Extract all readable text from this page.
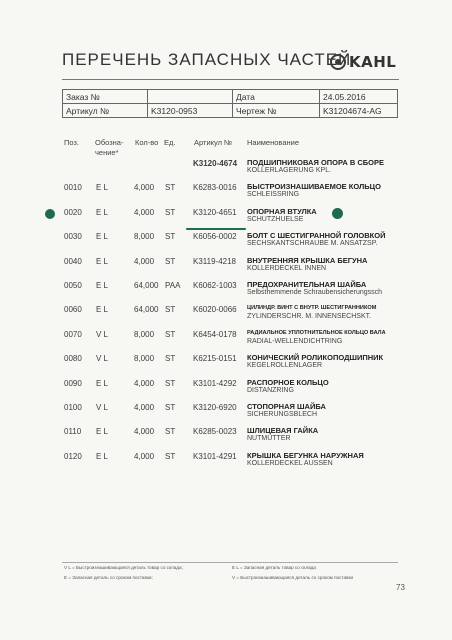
ПЕРЕЧЕНЬ ЗАПАСНЫХ ЧАСТЕЙ
KAHL
Заказ №		Дата	24.05.2016
Артикул №	K3120-0953	Чертеж №	K31204674-AG
Поз. Обозна-
чение*
Кол-во Ед. Артикул № Наименование
K3120-4674 ПОДШИПНИКОВАЯ ОПОРА В СБОРЕ
KOLLERLAGERUNG KPL.
0010 E L	4,000 ST K6283-0016 БЫСТРОИЗНАШИВАЕМОЕ КОЛЬЦО
SCHLEISSRING
0020 E L	4,000 ST K3120-4651 ОПОРНАЯ ВТУЛКА
SCHUTZHUELSE
0030 E L	8,000 ST K6056-0002 БОЛТ С ШЕСТИГРАННОЙ ГОЛОВКОЙ
SECHSKANTSCHRAUBE M. ANSATZSP.
0040 E L	4,000 ST K3119-4218 ВНУТРЕННЯЯ КРЫШКА БЕГУНА
KOLLERDECKEL INNEN
0050 E L	64,000 PAA K6062-1003 ПРЕДОХРАНИТЕЛЬНАЯ ШАЙБА
Selbsthemmende Schraubensicherungssch
0060 E L	64,000 ST K6020-0066 ЦИЛИНДР. ВИНТ С ВНУТР. ШЕСТИГРАННИКОМ
ZYLINDERSCHR. M. INNENSECHSKT.
0070 V L	8,000 ST K6454-0178 РАДИАЛЬНОЕ УПЛОТНИТЕЛЬНОЕ КОЛЬЦО ВАЛА
RADIAL-WELLENDICHTRING
0080 V L	8,000 ST K6215-0151 КОНИЧЕСКИЙ РОЛИКОПОДШИПНИК
KEGELROLLENLAGER
0090 E L	4,000 ST K3101-4292 РАСПОРНОЕ КОЛЬЦО
DISTANZRING
0100 V L	4,000 ST K3120-6920 СТОПОРНАЯ ШАЙБА
SICHERUNGSBLECH
0110 E L	4,000 ST K6285-0023 ШЛИЦЕВАЯ ГАЙКА
NUTMUTTER
0120 E L	4,000 ST K3101-4291 КРЫШКА БЕГУНКА НАРУЖНАЯ
KOLLERDECKEL AUSSEN
V L = Быстроизнашивающаяся деталь товар со склада;	E L = Запасная деталь товар со склада
E = Запасная деталь со сроком поставки;	V = Быстроизнашивающаяся деталь со сроком поставки
73
